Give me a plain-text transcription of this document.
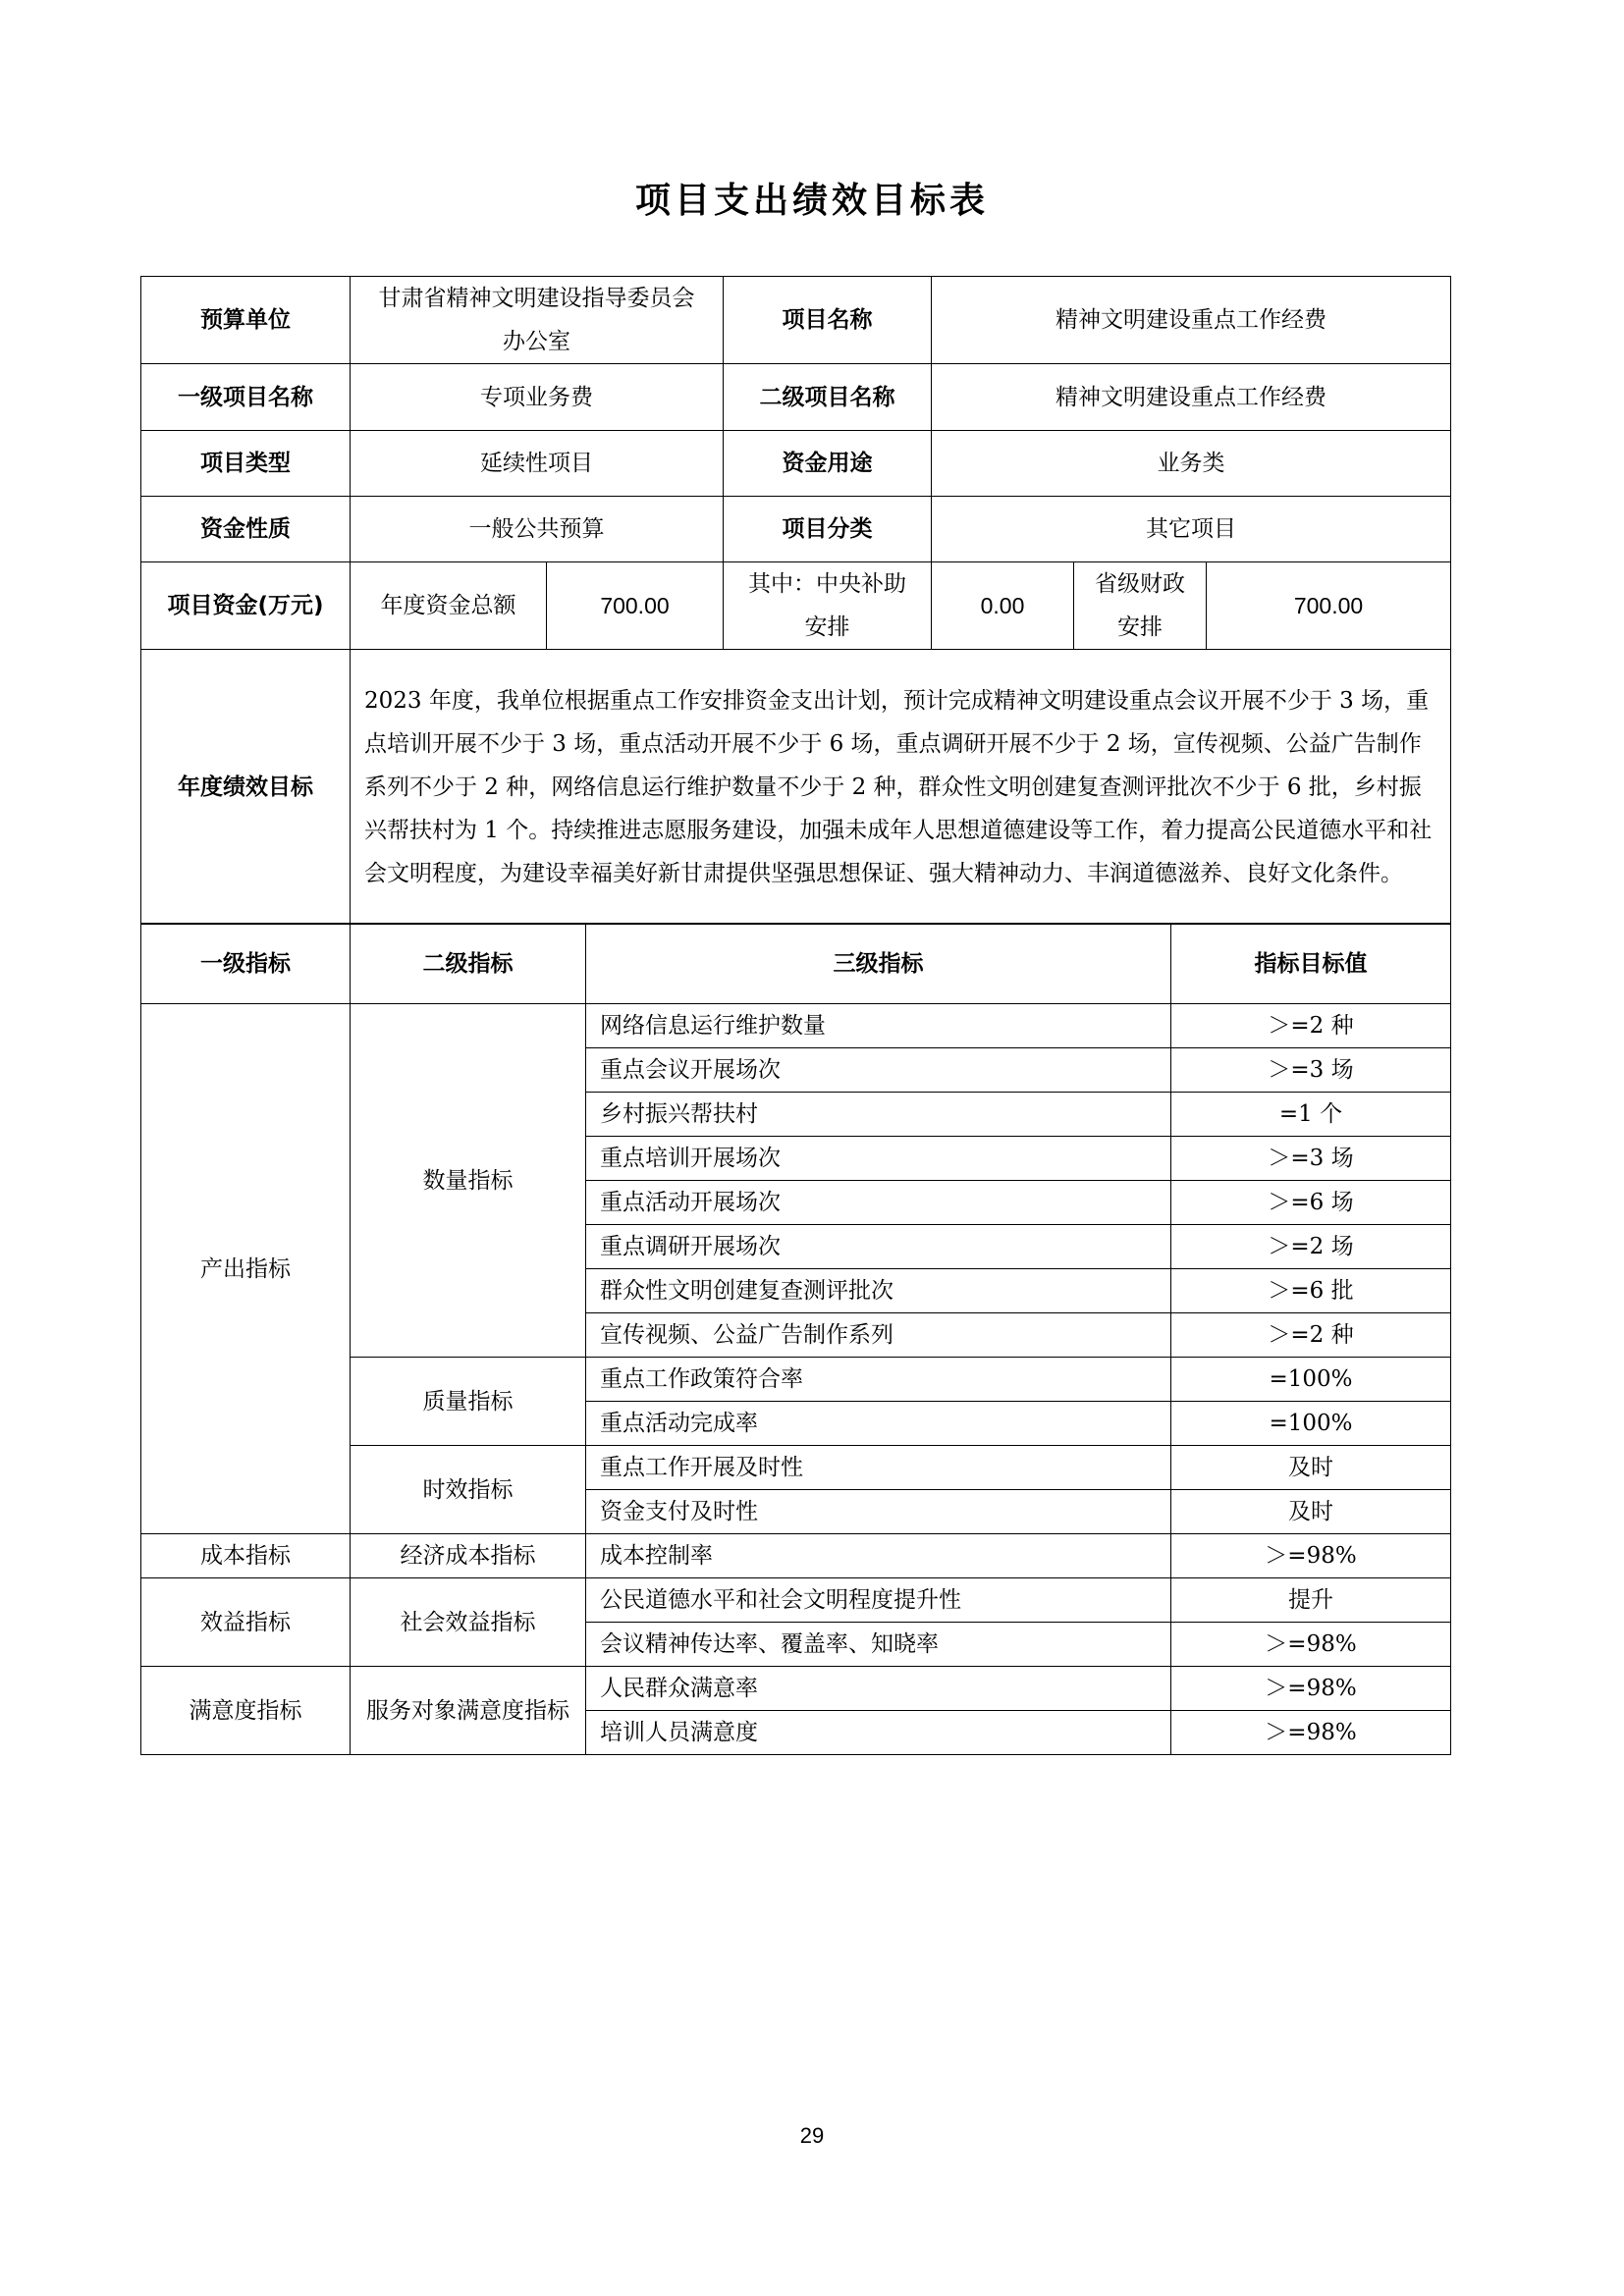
项目支出绩效目标表
预算单位	甘肃省精神文明建设指导委员会办公室		项目名称	精神文明建设重点工作经费		
一级项目名称	专项业务费		二级项目名称	精神文明建设重点工作经费		
项目类型	延续性项目		资金用途	业务类		
资金性质	一般公共预算		项目分类	其它项目		
项目资金(万元)	年度资金总额	700.00	其中：中央补助安排	0.00	省级财政安排	700.00
年度绩效目标	2023 年度，我单位根据重点工作安排资金支出计划，预计完成精神文明建设重点会议开展不少于 3 场，重点培训开展不少于 3 场，重点活动开展不少于 6 场，重点调研开展不少于 2 场，宣传视频、公益广告制作系列不少于 2 种，网络信息运行维护数量不少于 2 种，群众性文明创建复查测评批次不少于 6 批，乡村振兴帮扶村为 1 个。持续推进志愿服务建设，加强未成年人思想道德建设等工作，着力提高公民道德水平和社会文明程度，为建设幸福美好新甘肃提供坚强思想保证、强大精神动力、丰润道德滋养、良好文化条件。					
一级指标	二级指标	三级指标	指标目标值
产出指标	数量指标	网络信息运行维护数量	＞=2 种
		重点会议开展场次	＞=3 场
		乡村振兴帮扶村	=1 个
		重点培训开展场次	＞=3 场
		重点活动开展场次	＞=6 场
		重点调研开展场次	＞=2 场
		群众性文明创建复查测评批次	＞=6 批
		宣传视频、公益广告制作系列	＞=2 种
	质量指标	重点工作政策符合率	=100%
		重点活动完成率	=100%
	时效指标	重点工作开展及时性	及时
		资金支付及时性	及时
成本指标	经济成本指标	成本控制率	＞=98%
效益指标	社会效益指标	公民道德水平和社会文明程度提升性	提升
		会议精神传达率、覆盖率、知晓率	＞=98%
满意度指标	服务对象满意度指标	人民群众满意率	＞=98%
		培训人员满意度	＞=98%
29
